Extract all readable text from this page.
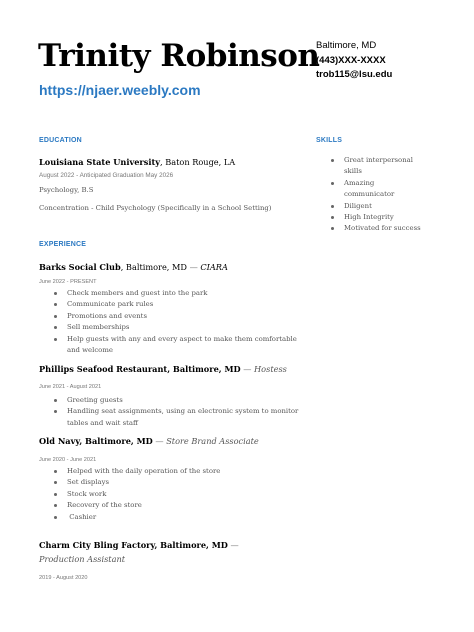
Trinity Robinson
https://njaer.weebly.com
Baltimore, MD
(443)XXX-XXXX
trob115@lsu.edu
EDUCATION
Louisiana State University, Baton Rouge, LA
August 2022 - Anticipated Graduation May 2026
Psychology, B.S
Concentration - Child Psychology (Specifically in a School Setting)
SKILLS
Great interpersonal skills
Amazing communicator
Diligent
High Integrity
Motivated for success
EXPERIENCE
Barks Social Club, Baltimore, MD — CIARA
June 2022 - PRESENT
Check members and guest into the park
Communicate park rules
Promotions and events
Sell memberships
Help guests with any and every aspect to make them comfortable and welcome
Phillips Seafood Restaurant, Baltimore, MD — Hostess
June 2021 - August 2021
Greeting guests
Handling seat assignments, using an electronic system to monitor tables and wait staff
Old Navy, Baltimore, MD — Store Brand Associate
June 2020 - June 2021
Helped with the daily operation of the store
Set displays
Stock work
Recovery of the store
Cashier
Charm City Bling Factory, Baltimore, MD — Production Assistant
2019 - August 2020
